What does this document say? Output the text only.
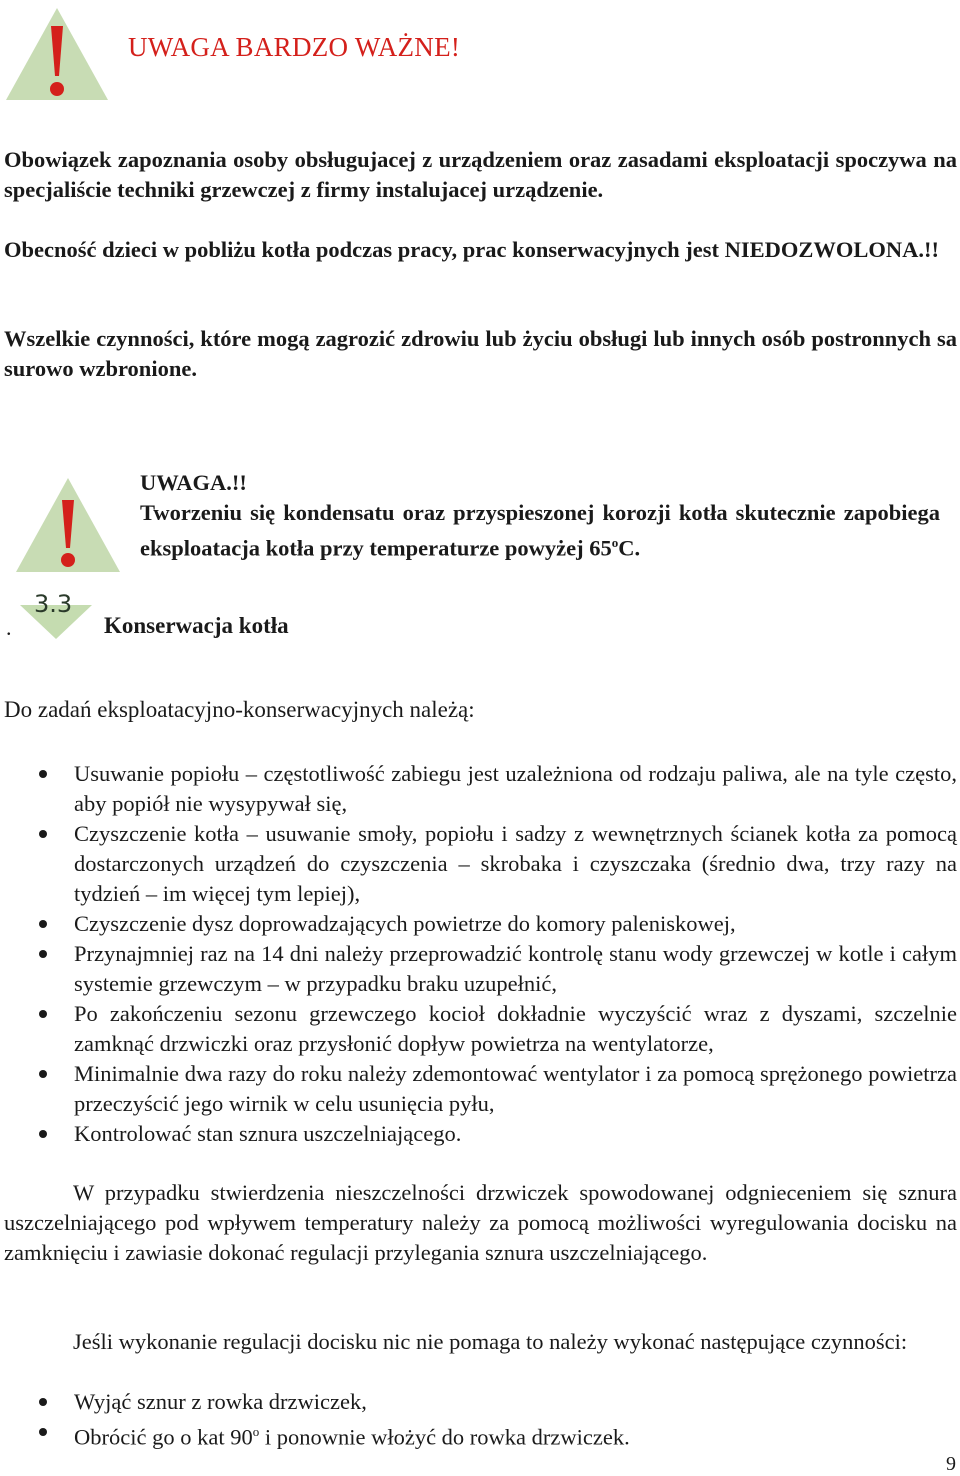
UWAGA BARDZO WAŻNE!

Obowiązek zapoznania osoby obsługujacej z urządzeniem oraz zasadami eksploatacji spoczywa na specjaliście techniki grzewczej z firmy instalujacej urządzenie.

Obecność dzieci w pobliżu kotła podczas pracy, prac konserwacyjnych jest NIEDOZWOLONA.!!

Wszelkie czynności, które mogą zagrozić zdrowiu lub życiu obsługi lub innych osób postronnych sa surowo wzbronione.

UWAGA.!!
Tworzeniu się kondensatu oraz przyspieszonej korozji kotła skutecznie zapobiega eksploatacja kotła przy temperaturze powyżej 65$^o$C.
.
3.3
Konserwacja kotła
Do zadań eksploatacyjno-konserwacyjnych należą:
Usuwanie popiołu – częstotliwość zabiegu jest uzależniona od rodzaju paliwa, ale na tyle często, aby popiół nie wysypywał się,
Czyszczenie kotła – usuwanie smoły, popiołu i sadzy z wewnętrznych ścianek kotła za pomocą dostarczonych urządzeń do czyszczenia – skrobaka i czyszczaka (średnio dwa, trzy razy na tydzień – im więcej tym lepiej),
Czyszczenie dysz doprowadzających powietrze do komory paleniskowej,
Przynajmniej raz na 14 dni należy przeprowadzić kontrolę stanu wody grzewczej w kotle i całym systemie grzewczym – w przypadku braku uzupełnić,
Po zakończeniu sezonu grzewczego kocioł dokładnie wyczyścić wraz z dyszami, szczelnie zamknąć drzwiczki oraz przysłonić dopływ powietrza na wentylatorze,
Minimalnie dwa razy do roku należy zdemontować wentylator i za pomocą sprężonego powietrza przeczyścić jego wirnik w celu usunięcia pyłu,
Kontrolować stan sznura uszczelniającego.

W przypadku stwierdzenia nieszczelności drzwiczek spowodowanej odgnieceniem się sznura uszczelniającego pod wpływem temperatury należy za pomocą możliwości wyregulowania docisku na zamknięciu i zawiasie dokonać regulacji przylegania sznura uszczelniającego.

Jeśli wykonanie regulacji docisku nic nie pomaga to należy wykonać następujące czynności:

Wyjąć sznur z rowka drzwiczek,
Obrócić go o kat 90$^o$ i ponownie włożyć do rowka drzwiczek.
9
